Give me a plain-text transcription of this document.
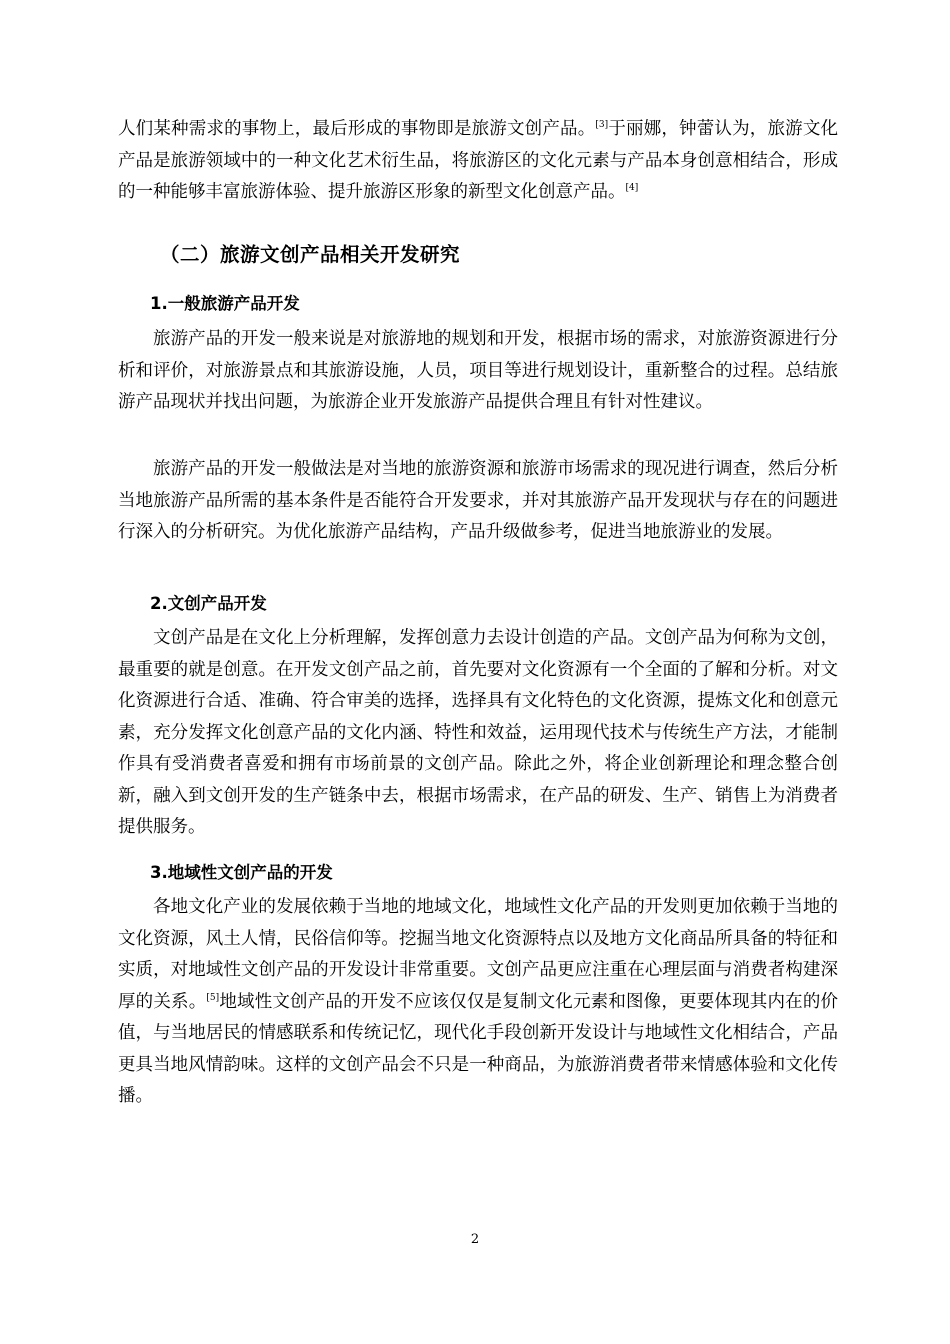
人们某种需求的事物上，最后形成的事物即是旅游文创产品。[3]于丽娜，钟蕾认为，旅游文化产品是旅游领域中的一种文化艺术衍生品，将旅游区的文化元素与产品本身创意相结合，形成的一种能够丰富旅游体验、提升旅游区形象的新型文化创意产品。[4]

（二）旅游文创产品相关开发研究
1.一般旅游产品开发

旅游产品的开发一般来说是对旅游地的规划和开发，根据市场的需求，对旅游资源进行分析和评价，对旅游景点和其旅游设施，人员，项目等进行规划设计，重新整合的过程。总结旅游产品现状并找出问题，为旅游企业开发旅游产品提供合理且有针对性建议。

旅游产品的开发一般做法是对当地的旅游资源和旅游市场需求的现况进行调查，然后分析当地旅游产品所需的基本条件是否能符合开发要求，并对其旅游产品开发现状与存在的问题进行深入的分析研究。为优化旅游产品结构，产品升级做参考，促进当地旅游业的发展。

2.文创产品开发

文创产品是在文化上分析理解，发挥创意力去设计创造的产品。文创产品为何称为文创，最重要的就是创意。在开发文创产品之前，首先要对文化资源有一个全面的了解和分析。对文化资源进行合适、准确、符合审美的选择，选择具有文化特色的文化资源，提炼文化和创意元素，充分发挥文化创意产品的文化内涵、特性和效益，运用现代技术与传统生产方法，才能制作具有受消费者喜爱和拥有市场前景的文创产品。除此之外，将企业创新理论和理念整合创新，融入到文创开发的生产链条中去，根据市场需求，在产品的研发、生产、销售上为消费者提供服务。

3.地域性文创产品的开发

各地文化产业的发展依赖于当地的地域文化，地域性文化产品的开发则更加依赖于当地的文化资源，风土人情，民俗信仰等。挖掘当地文化资源特点以及地方文化商品所具备的特征和实质，对地域性文创产品的开发设计非常重要。文创产品更应注重在心理层面与消费者构建深厚的关系。[5]地域性文创产品的开发不应该仅仅是复制文化元素和图像，更要体现其内在的价值，与当地居民的情感联系和传统记忆，现代化手段创新开发设计与地域性文化相结合，产品更具当地风情韵味。这样的文创产品会不只是一种商品，为旅游消费者带来情感体验和文化传播。

2
